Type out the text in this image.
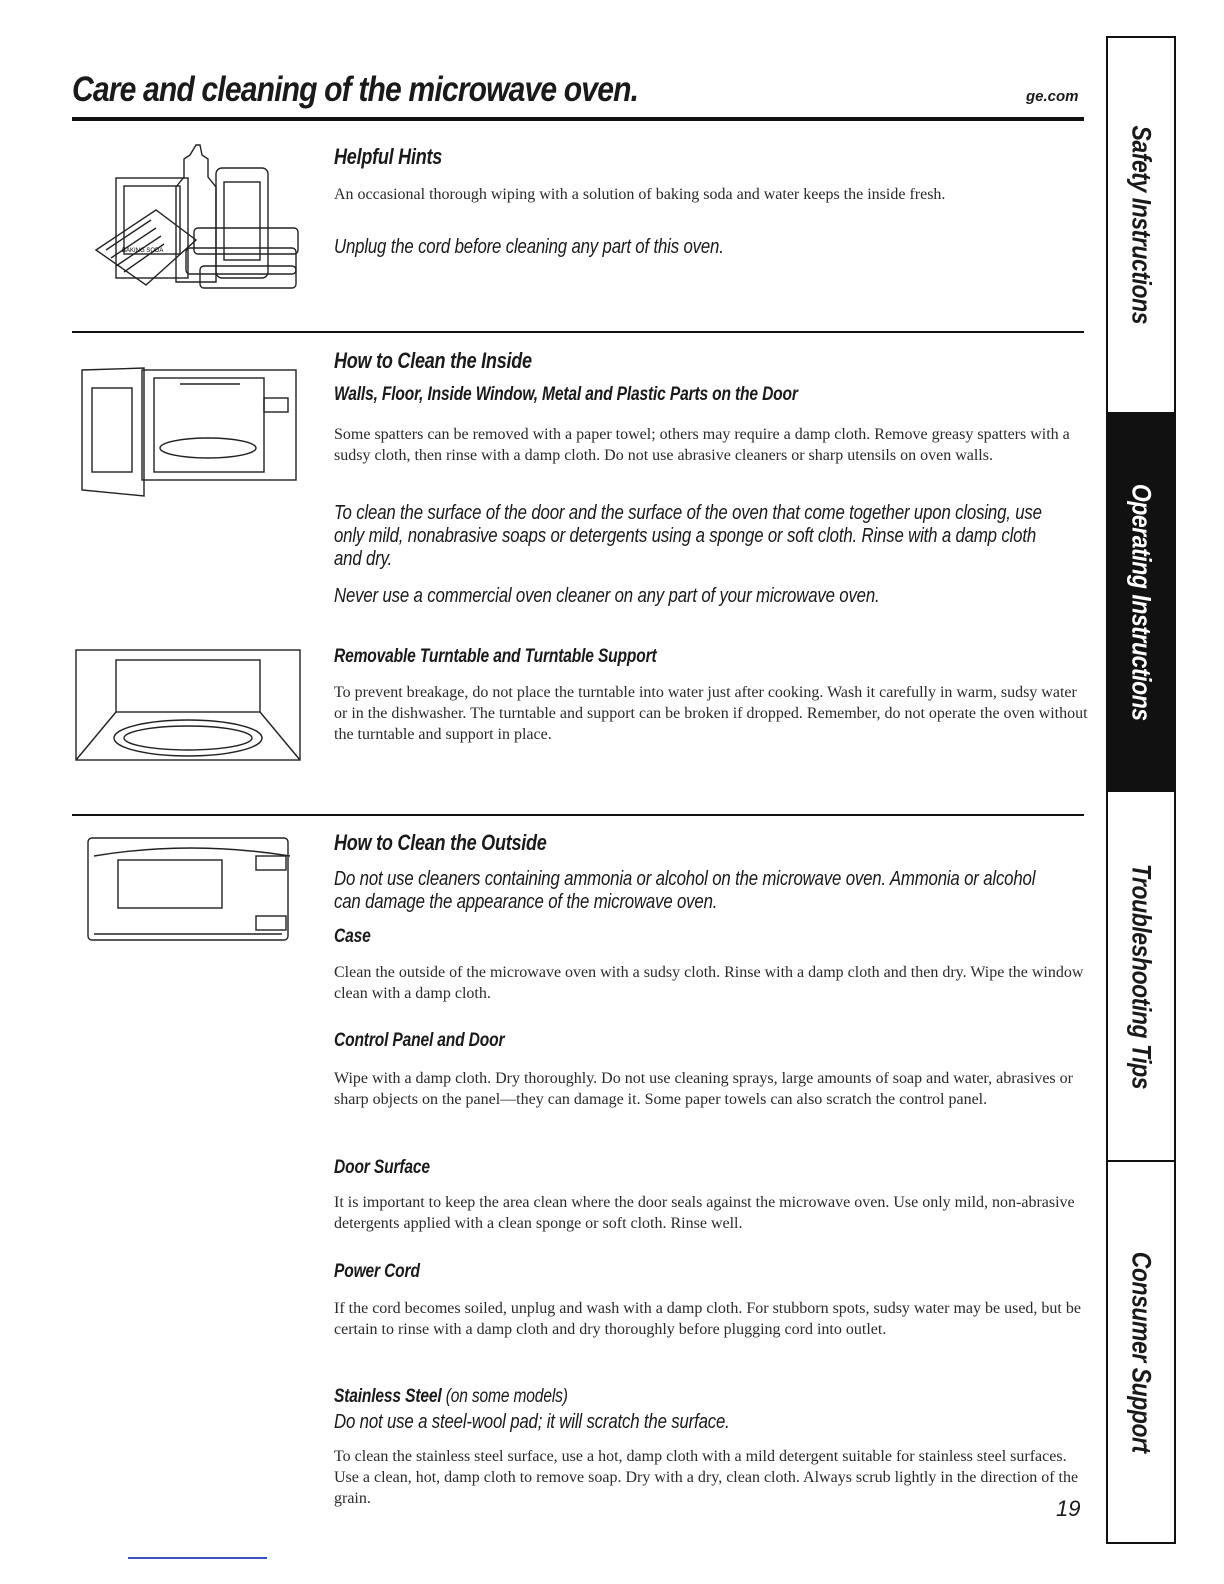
Care and cleaning of the microwave oven.	ge.com
BAKING SODA
Helpful Hints
An occasional thorough wiping with a solution of baking soda and water keeps the inside fresh.
Unplug the cord before cleaning any part of this oven.
How to Clean the Inside
Walls, Floor, Inside Window, Metal and Plastic Parts on the Door
Some spatters can be removed with a paper towel; others may require a damp cloth. Remove greasy spatters with a sudsy cloth, then rinse with a damp cloth. Do not use abrasive cleaners or sharp utensils on oven walls.
To clean the surface of the door and the surface of the oven that come together upon closing, use only mild, nonabrasive soaps or detergents using a sponge or soft cloth. Rinse with a damp cloth and dry.
Never use a commercial oven cleaner on any part of your microwave oven.
Removable Turntable and Turntable Support
To prevent breakage, do not place the turntable into water just after cooking. Wash it carefully in warm, sudsy water or in the dishwasher. The turntable and support can be broken if dropped. Remember, do not operate the oven without the turntable and support in place.
How to Clean the Outside
Do not use cleaners containing ammonia or alcohol on the microwave oven. Ammonia or alcohol can damage the appearance of the microwave oven.
Case
Clean the outside of the microwave oven with a sudsy cloth. Rinse with a damp cloth and then dry. Wipe the window clean with a damp cloth.
Control Panel and Door
Wipe with a damp cloth. Dry thoroughly. Do not use cleaning sprays, large amounts of soap and water, abrasives or sharp objects on the panel—they can damage it. Some paper towels can also scratch the control panel.
Door Surface
It is important to keep the area clean where the door seals against the microwave oven. Use only mild, non-abrasive detergents applied with a clean sponge or soft cloth. Rinse well.
Power Cord
If the cord becomes soiled, unplug and wash with a damp cloth. For stubborn spots, sudsy water may be used, but be certain to rinse with a damp cloth and dry thoroughly before plugging cord into outlet.
Stainless Steel (on some models)
Do not use a steel-wool pad; it will scratch the surface.
To clean the stainless steel surface, use a hot, damp cloth with a mild detergent suitable for stainless steel surfaces. Use a clean, hot, damp cloth to remove soap. Dry with a dry, clean cloth. Always scrub lightly in the direction of the grain.	19
Safety Instructions
Operating Instructions
Troubleshooting Tips
Consumer Support
